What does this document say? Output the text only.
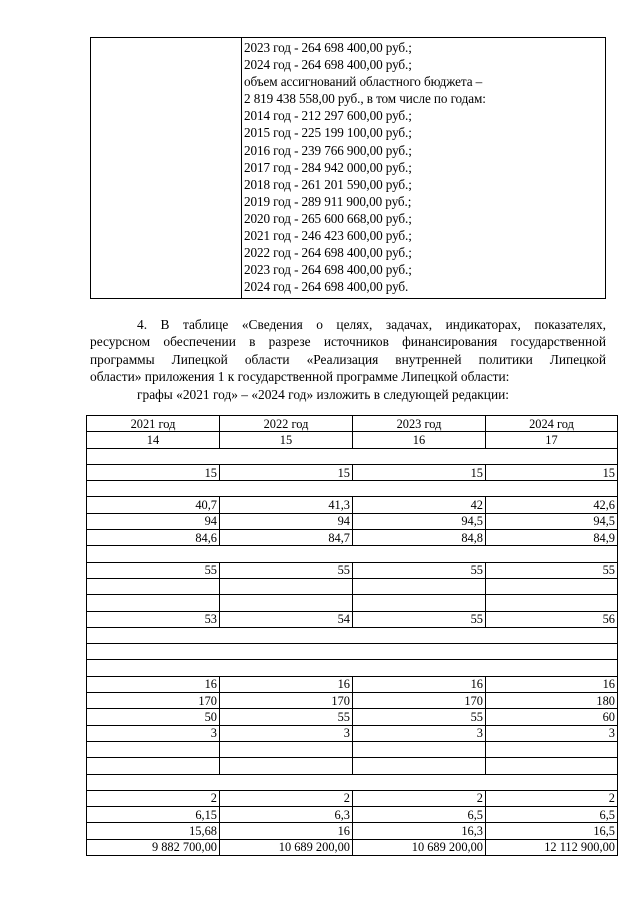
2023 год - 264 698 400,00 руб.;
2024 год - 264 698 400,00 руб.;
объем ассигнований областного бюджета –
2 819 438 558,00 руб., в том числе по годам:
2014 год - 212 297 600,00 руб.;
2015 год - 225 199 100,00 руб.;
2016 год - 239 766 900,00 руб.;
2017 год - 284 942 000,00 руб.;
2018 год - 261 201 590,00 руб.;
2019 год - 289 911 900,00 руб.;
2020 год - 265 600 668,00 руб.;
2021 год - 246 423 600,00 руб.;
2022 год - 264 698 400,00 руб.;
2023 год - 264 698 400,00 руб.;
2024 год - 264 698 400,00 руб.
4. В таблице «Сведения о целях, задачах, индикаторах, показателях,
ресурсном обеспечении в разрезе источников финансирования государственной
программы Липецкой области «Реализация внутренней политики Липецкой
области» приложения 1 к государственной программе Липецкой области:
графы «2021 год» – «2024 год» изложить в следующей редакции:
2021 год	2022 год	2023 год	2024 год
14	15	16	17

15	15	15	15

40,7	41,3	42	42,6
94	94	94,5	94,5
84,6	84,7	84,8	84,9

55	55	55	55

53	54	55	56

16	16	16	16
170	170	170	180
50	55	55	60
3	3	3	3

2	2	2	2
6,15	6,3	6,5	6,5
15,68	16	16,3	16,5
9 882 700,00	10 689 200,00	10 689 200,00	12 112 900,00
